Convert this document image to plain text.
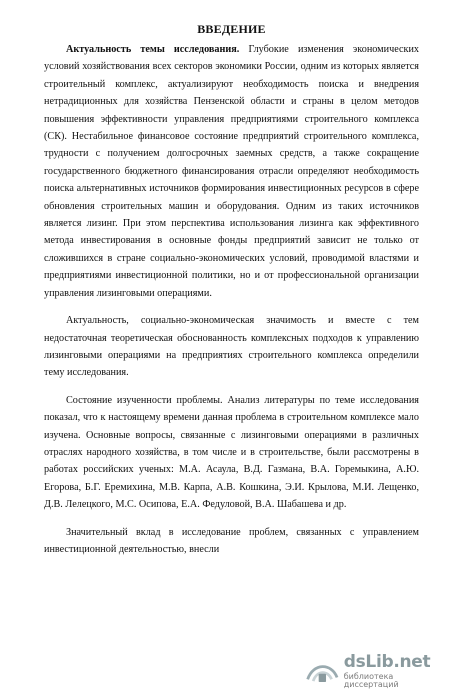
ВВЕДЕНИЕ

Актуальность темы исследования. Глубокие изменения экономических условий хозяйствования всех секторов экономики России, одним из которых является строительный комплекс, актуализируют необходимость поиска и внедрения нетрадиционных для хозяйства Пензенской области и страны в целом методов повышения эффективности управления предприятиями строительного комплекса (СК). Нестабильное финансовое состояние предприятий строительного комплекса, трудности с получением долгосрочных заемных средств, а также сокращение государственного бюджетного финансирования отрасли определяют необходимость поиска альтернативных источников формирования инвестиционных ресурсов в сфере обновления строительных машин и оборудования. Одним из таких источников является лизинг. При этом перспектива использования лизинга как эффективного метода инвестирования в основные фонды предприятий зависит не только от сложившихся в стране социально-экономических условий, проводимой властями и предприятиями инвестиционной политики, но и от профессиональной организации управления лизинговыми операциями.

Актуальность, социально-экономическая значимость и вместе с тем недостаточная теоретическая обоснованность комплексных подходов к управлению лизинговыми операциями на предприятиях строительного комплекса определили тему исследования.

Состояние изученности проблемы. Анализ литературы по теме исследования показал, что к настоящему времени данная проблема в строительном комплексе мало изучена. Основные вопросы, связанные с лизинговыми операциями в различных отраслях народного хозяйства, в том числе и в строительстве, были рассмотрены в работах российских ученых: М.А. Асаула, В.Д. Газмана, В.А. Горемыкина, А.Ю. Егорова, Б.Г. Еремихина, М.В. Карпа, А.В. Кошкина, Э.И. Крылова, М.И. Лещенко, Д.В. Лелецкого, М.С. Осипова, Е.А. Федуловой, В.А. Шабашева и др.

Значительный вклад в исследование проблем, связанных с управлением инвестиционной деятельностью, внесли

dsLib.net
библиотека диссертаций
